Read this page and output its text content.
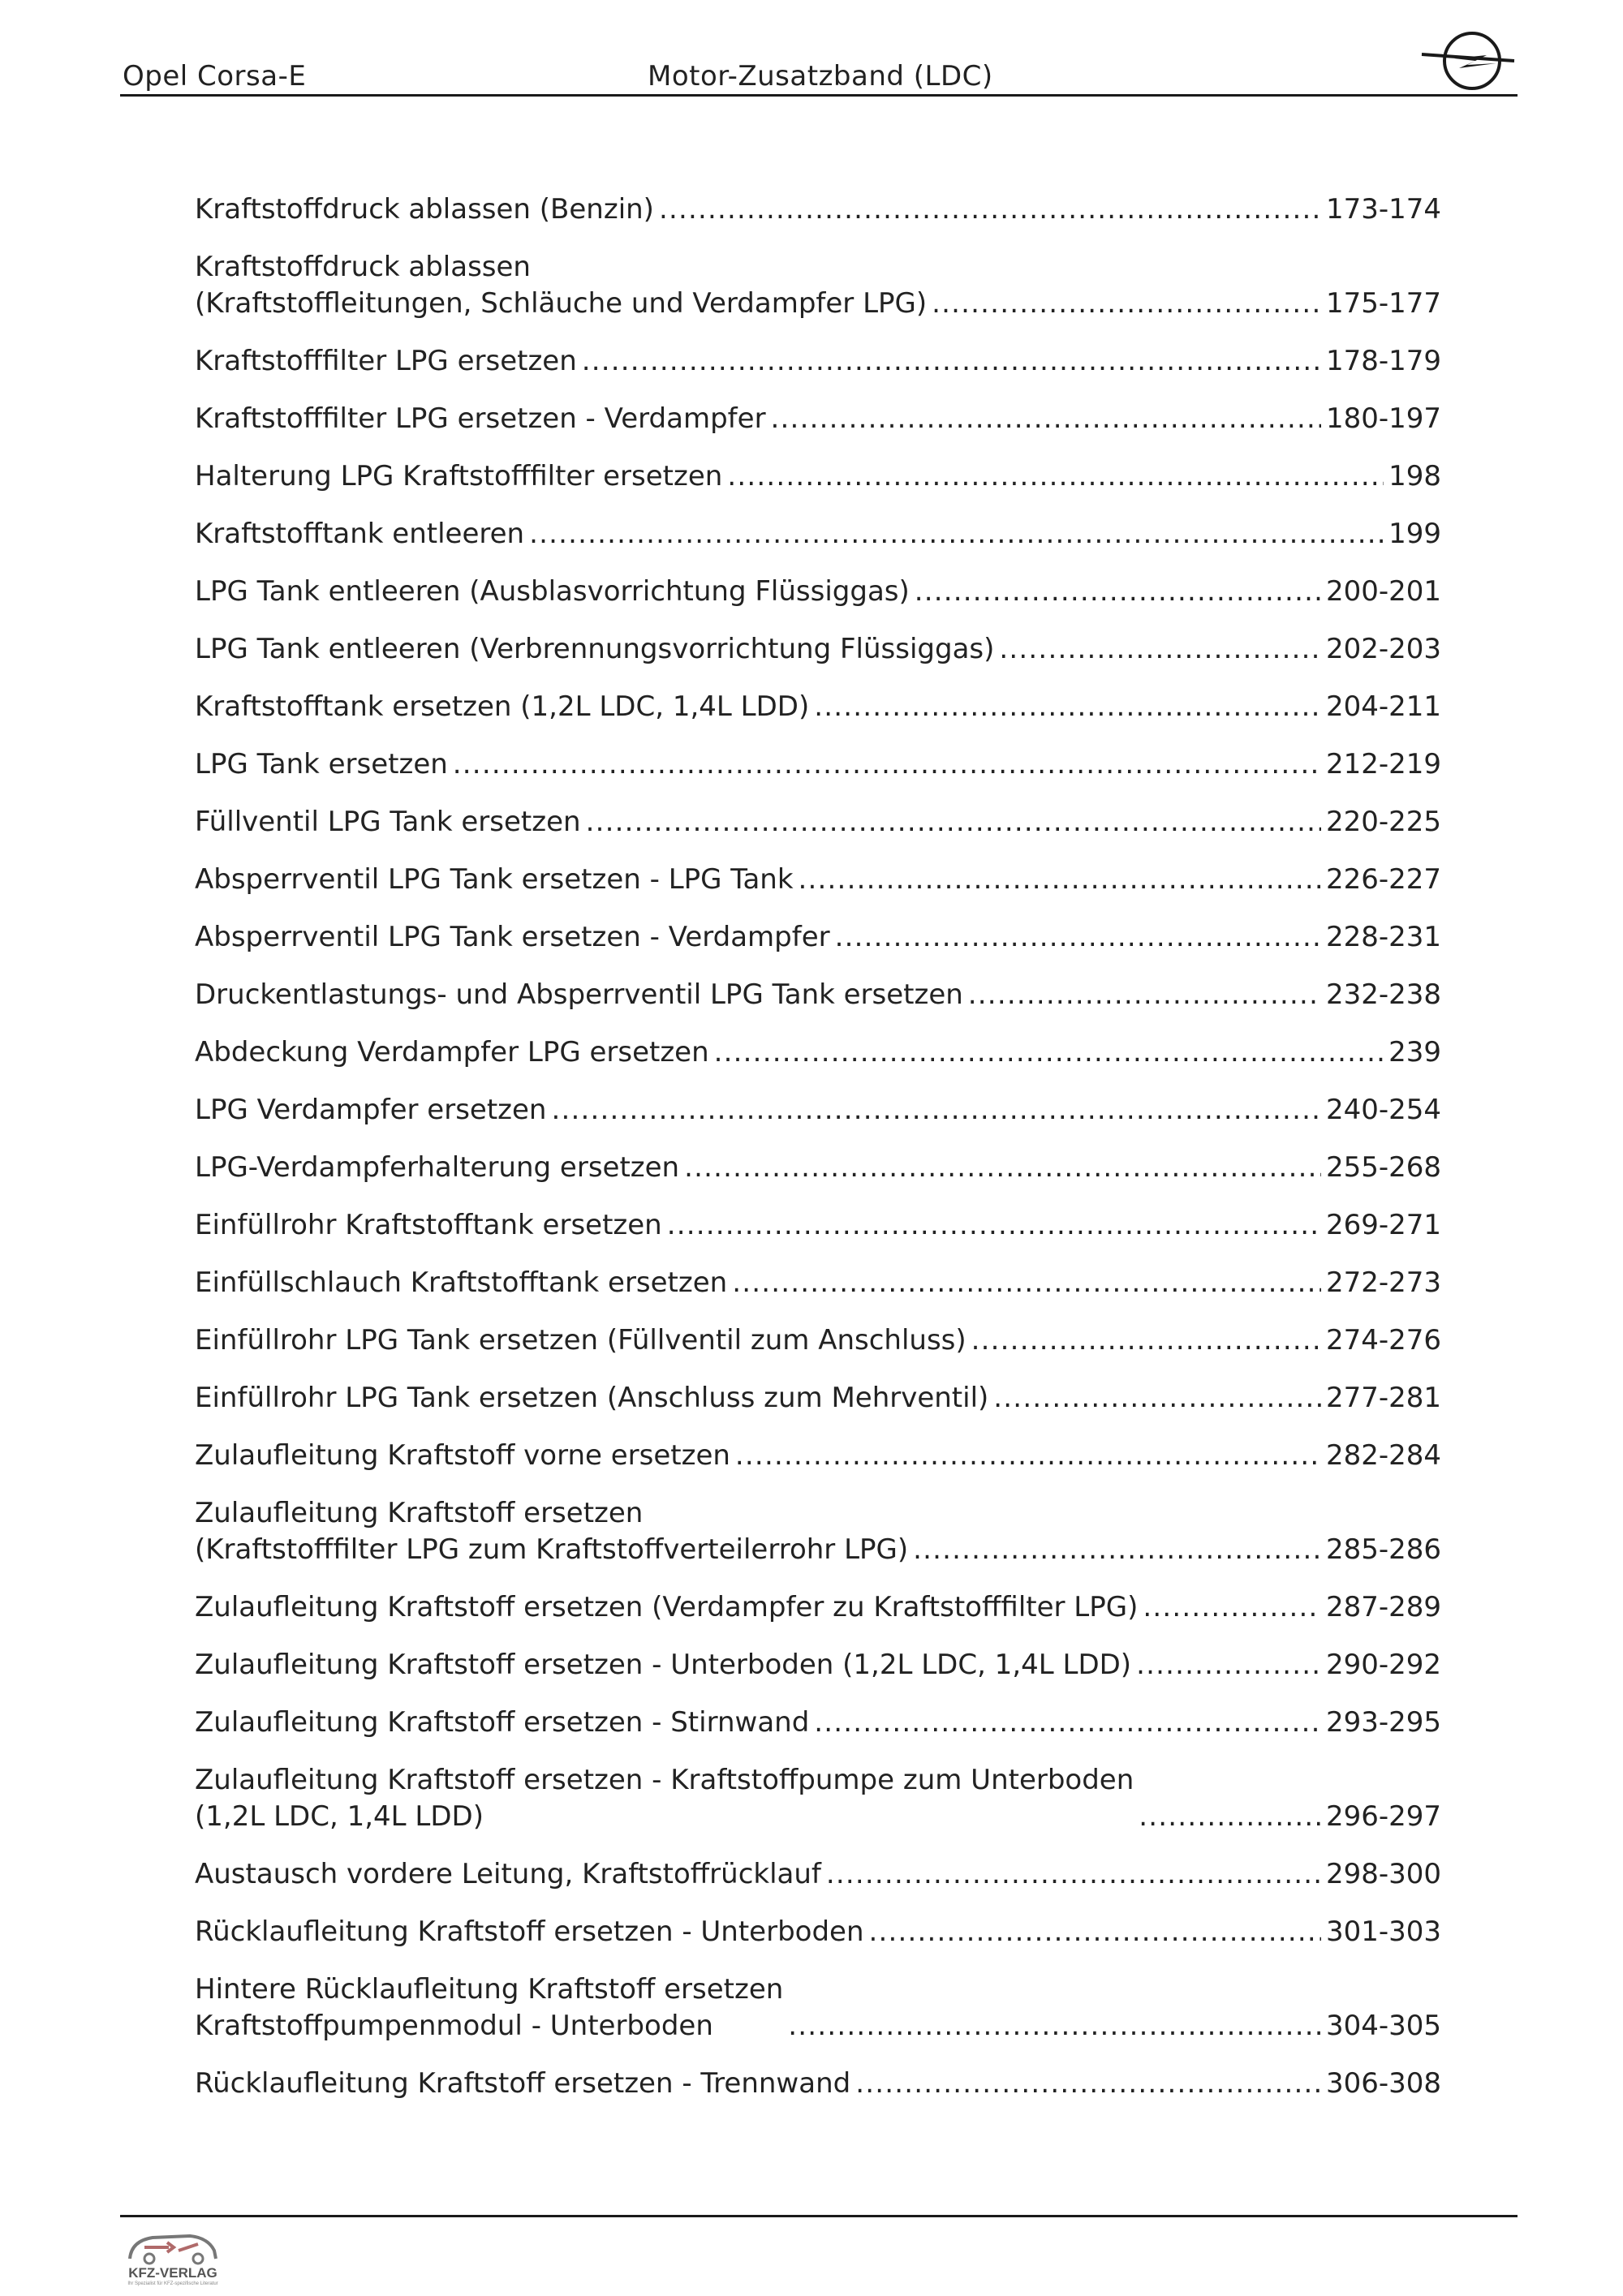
Opel Corsa-E	Motor-Zusatzband (LDC)
Kraftstoffdruck ablassen (Benzin) .....	173-174
Kraftstoffdruck ablassen
(Kraftstoffleitungen, Schläuche und Verdampfer LPG) .....	175-177
Kraftstofffilter LPG ersetzen .....	178-179
Kraftstofffilter LPG ersetzen - Verdampfer .....	180-197
Halterung LPG Kraftstofffilter ersetzen .....	198
Kraftstofftank entleeren .....	199
LPG Tank entleeren (Ausblasvorrichtung Flüssiggas) .....	200-201
LPG Tank entleeren (Verbrennungsvorrichtung Flüssiggas) .....	202-203
Kraftstofftank ersetzen (1,2L LDC, 1,4L LDD) .....	204-211
LPG Tank ersetzen .....	212-219
Füllventil LPG Tank ersetzen .....	220-225
Absperrventil LPG Tank ersetzen - LPG Tank .....	226-227
Absperrventil LPG Tank ersetzen - Verdampfer .....	228-231
Druckentlastungs- und Absperrventil LPG Tank ersetzen .....	232-238
Abdeckung Verdampfer LPG ersetzen .....	239
LPG Verdampfer ersetzen .....	240-254
LPG-Verdampferhalterung ersetzen .....	255-268
Einfüllrohr Kraftstofftank ersetzen .....	269-271
Einfüllschlauch Kraftstofftank ersetzen .....	272-273
Einfüllrohr LPG Tank ersetzen (Füllventil zum Anschluss) .....	274-276
Einfüllrohr LPG Tank ersetzen (Anschluss zum Mehrventil) .....	277-281
Zulaufleitung Kraftstoff vorne ersetzen .....	282-284
Zulaufleitung Kraftstoff ersetzen
(Kraftstofffilter LPG zum Kraftstoffverteilerrohr LPG) .....	285-286
Zulaufleitung Kraftstoff ersetzen (Verdampfer zu Kraftstofffilter LPG) .....	287-289
Zulaufleitung Kraftstoff ersetzen - Unterboden (1,2L LDC, 1,4L LDD) .....	290-292
Zulaufleitung Kraftstoff ersetzen - Stirnwand .....	293-295
Zulaufleitung Kraftstoff ersetzen - Kraftstoffpumpe zum Unterboden
(1,2L LDC, 1,4L LDD) .....	296-297
Austausch vordere Leitung, Kraftstoffrücklauf .....	298-300
Rücklaufleitung Kraftstoff ersetzen - Unterboden .....	301-303
Hintere Rücklaufleitung Kraftstoff ersetzen
Kraftstoffpumpenmodul - Unterboden .....	304-305
Rücklaufleitung Kraftstoff ersetzen - Trennwand .....	306-308
KFZ-VERLAG
Ihr Spezialist für KFZ-spezifische Literatur
